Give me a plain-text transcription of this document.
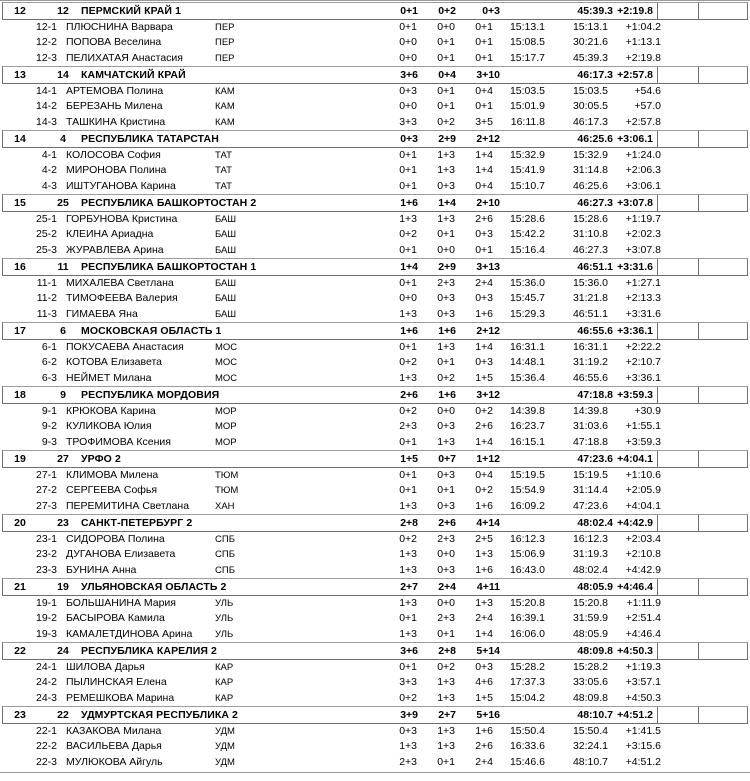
12	12	ПЕРМСКИЙ КРАЙ 1	0+1	0+2	0+3	45:39.3 +2:19.8
12-1 ПЛЮСНИНА Варвара	ПЕР	0+1	0+0	0+1	15:13.1	15:13.1	+1:04.2
12-2 ПОПОВА Веселина	ПЕР	0+0	0+1	0+1	15:08.5	30:21.6	+1:13.1
12-3 ПЕЛИХАТАЯ Анастасия	ПЕР	0+0	0+1	0+1	15:17.7	45:39.3	+2:19.8
13	14	КАМЧАТСКИЙ КРАЙ	3+6	0+4	3+10	46:17.3 +2:57.8
14-1 АРТЕМОВА Полина	КАМ	0+3	0+1	0+4	15:03.5	15:03.5	+54.6
14-2 БЕРЕЗАНЬ Милена	КАМ	0+0	0+1	0+1	15:01.9	30:05.5	+57.0
14-3 ТАШКИНА Кристина	КАМ	3+3	0+2	3+5	16:11.8	46:17.3	+2:57.8
14	4	РЕСПУБЛИКА ТАТАРСТАН	0+3	2+9	2+12	46:25.6 +3:06.1
4-1 КОЛОСОВА София	ТАТ	0+1	1+3	1+4	15:32.9	15:32.9	+1:24.0
4-2 МИРОНОВА Полина	ТАТ	0+1	1+3	1+4	15:41.9	31:14.8	+2:06.3
4-3 ИШТУГАНОВА Карина	ТАТ	0+1	0+3	0+4	15:10.7	46:25.6	+3:06.1
15	25	РЕСПУБЛИКА БАШКОРТОСТАН 2	1+6	1+4	2+10	46:27.3 +3:07.8
25-1 ГОРБУНОВА Кристина	БАШ	1+3	1+3	2+6	15:28.6	15:28.6	+1:19.7
25-2 КЛЕИНА Ариадна	БАШ	0+2	0+1	0+3	15:42.2	31:10.8	+2:02.3
25-3 ЖУРАВЛЕВА Арина	БАШ	0+1	0+0	0+1	15:16.4	46:27.3	+3:07.8
16	11	РЕСПУБЛИКА БАШКОРТОСТАН 1	1+4	2+9	3+13	46:51.1 +3:31.6
11-1 МИХАЛЕВА Светлана	БАШ	0+1	2+3	2+4	15:36.0	15:36.0	+1:27.1
11-2 ТИМОФЕЕВА Валерия	БАШ	0+0	0+3	0+3	15:45.7	31:21.8	+2:13.3
11-3 ГИМАЕВА Яна	БАШ	1+3	0+3	1+6	15:29.3	46:51.1	+3:31.6
17	6	МОСКОВСКАЯ ОБЛАСТЬ 1	1+6	1+6	2+12	46:55.6 +3:36.1
6-1 ПОКУСАЕВА Анастасия	МОС	0+1	1+3	1+4	16:31.1	16:31.1	+2:22.2
6-2 КОТОВА Елизавета	МОС	0+2	0+1	0+3	14:48.1	31:19.2	+2:10.7
6-3 НЕЙМЕТ Милана	МОС	1+3	0+2	1+5	15:36.4	46:55.6	+3:36.1
18	9	РЕСПУБЛИКА МОРДОВИЯ	2+6	1+6	3+12	47:18.8 +3:59.3
9-1 КРЮКОВА Карина	МОР	0+2	0+0	0+2	14:39.8	14:39.8	+30.9
9-2 КУЛИКОВА Юлия	МОР	2+3	0+3	2+6	16:23.7	31:03.6	+1:55.1
9-3 ТРОФИМОВА Ксения	МОР	0+1	1+3	1+4	16:15.1	47:18.8	+3:59.3
19	27	УРФО 2	1+5	0+7	1+12	47:23.6 +4:04.1
27-1 КЛИМОВА Милена	ТЮМ	0+1	0+3	0+4	15:19.5	15:19.5	+1:10.6
27-2 СЕРГЕЕВА Софья	ТЮМ	0+1	0+1	0+2	15:54.9	31:14.4	+2:05.9
27-3 ПЕРЕМИТИНА Светлана	ХАН	1+3	0+3	1+6	16:09.2	47:23.6	+4:04.1
20	23	САНКТ-ПЕТЕРБУРГ 2	2+8	2+6	4+14	48:02.4 +4:42.9
23-1 СИДОРОВА Полина	СПБ	0+2	2+3	2+5	16:12.3	16:12.3	+2:03.4
23-2 ДУГАНОВА Елизавета	СПБ	1+3	0+0	1+3	15:06.9	31:19.3	+2:10.8
23-3 БУНИНА Анна	СПБ	1+3	0+3	1+6	16:43.0	48:02.4	+4:42.9
21	19	УЛЬЯНОВСКАЯ ОБЛАСТЬ 2	2+7	2+4	4+11	48:05.9 +4:46.4
19-1 БОЛЬШАНИНА Мария	УЛЬ	1+3	0+0	1+3	15:20.8	15:20.8	+1:11.9
19-2 БАСЫРОВА Камила	УЛЬ	0+1	2+3	2+4	16:39.1	31:59.9	+2:51.4
19-3 КАМАЛЕТДИНОВА Арина	УЛЬ	1+3	0+1	1+4	16:06.0	48:05.9	+4:46.4
22	24	РЕСПУБЛИКА КАРЕЛИЯ 2	3+6	2+8	5+14	48:09.8 +4:50.3
24-1 ШИЛОВА Дарья	КАР	0+1	0+2	0+3	15:28.2	15:28.2	+1:19.3
24-2 ПЫЛИНСКАЯ Елена	КАР	3+3	1+3	4+6	17:37.3	33:05.6	+3:57.1
24-3 РЕМЕШКОВА Марина	КАР	0+2	1+3	1+5	15:04.2	48:09.8	+4:50.3
23	22	УДМУРТСКАЯ РЕСПУБЛИКА 2	3+9	2+7	5+16	48:10.7 +4:51.2
22-1 КАЗАКОВА Милана	УДМ	0+3	1+3	1+6	15:50.4	15:50.4	+1:41.5
22-2 ВАСИЛЬЕВА Дарья	УДМ	1+3	1+3	2+6	16:33.6	32:24.1	+3:15.6
22-3 МУЛЮКОВА Айгуль	УДМ	2+3	0+1	2+4	15:46.6	48:10.7	+4:51.2
